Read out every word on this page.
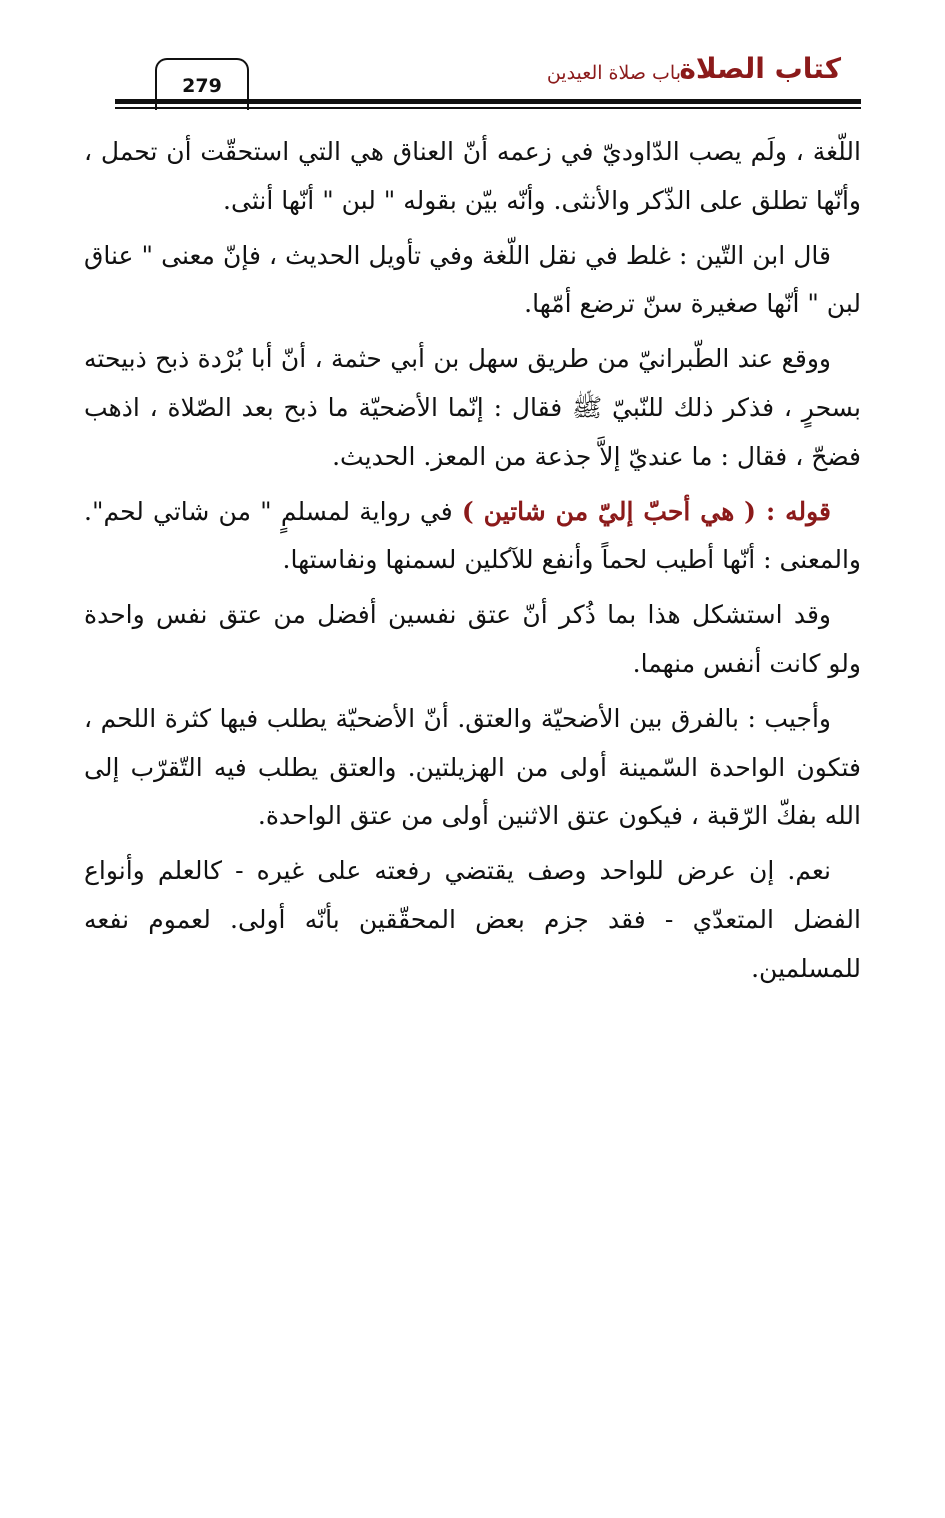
كتاب الصلاة
باب صلاة العيدين
279

اللّغة ، ولَم يصب الدّاوديّ في زعمه أنّ العناق هي التي استحقّت أن تحمل ، وأنّها تطلق على الذّكر والأنثى. وأنّه بيّن بقوله " لبن " أنّها أنثى.

قال ابن التّين : غلط في نقل اللّغة وفي تأويل الحديث ، فإنّ معنى " عناق لبن " أنّها صغيرة سنّ ترضع أمّها.

ووقع عند الطّبرانيّ من طريق سهل بن أبي حثمة ، أنّ أبا بُرْدة ذبح ذبيحته بسحرٍ ، فذكر ذلك للنّبيّ ﷺ فقال : إنّما الأضحيّة ما ذبح بعد الصّلاة ، اذهب فضحّ ، فقال : ما عنديّ إلاَّ جذعة من المعز. الحديث.

قوله : ( هي أحبّ إليّ من شاتين ) في رواية لمسلمٍ " من شاتي لحم". والمعنى : أنّها أطيب لحماً وأنفع للآكلين لسمنها ونفاستها.

وقد استشكل هذا بما ذُكر أنّ عتق نفسين أفضل من عتق نفس واحدة ولو كانت أنفس منهما.

وأجيب : بالفرق بين الأضحيّة والعتق. أنّ الأضحيّة يطلب فيها كثرة اللحم ، فتكون الواحدة السّمينة أولى من الهزيلتين. والعتق يطلب فيه التّقرّب إلى الله بفكّ الرّقبة ، فيكون عتق الاثنين أولى من عتق الواحدة.

نعم. إن عرض للواحد وصف يقتضي رفعته على غيره - كالعلم وأنواع الفضل المتعدّي - فقد جزم بعض المحقّقين بأنّه أولى. لعموم نفعه للمسلمين.
